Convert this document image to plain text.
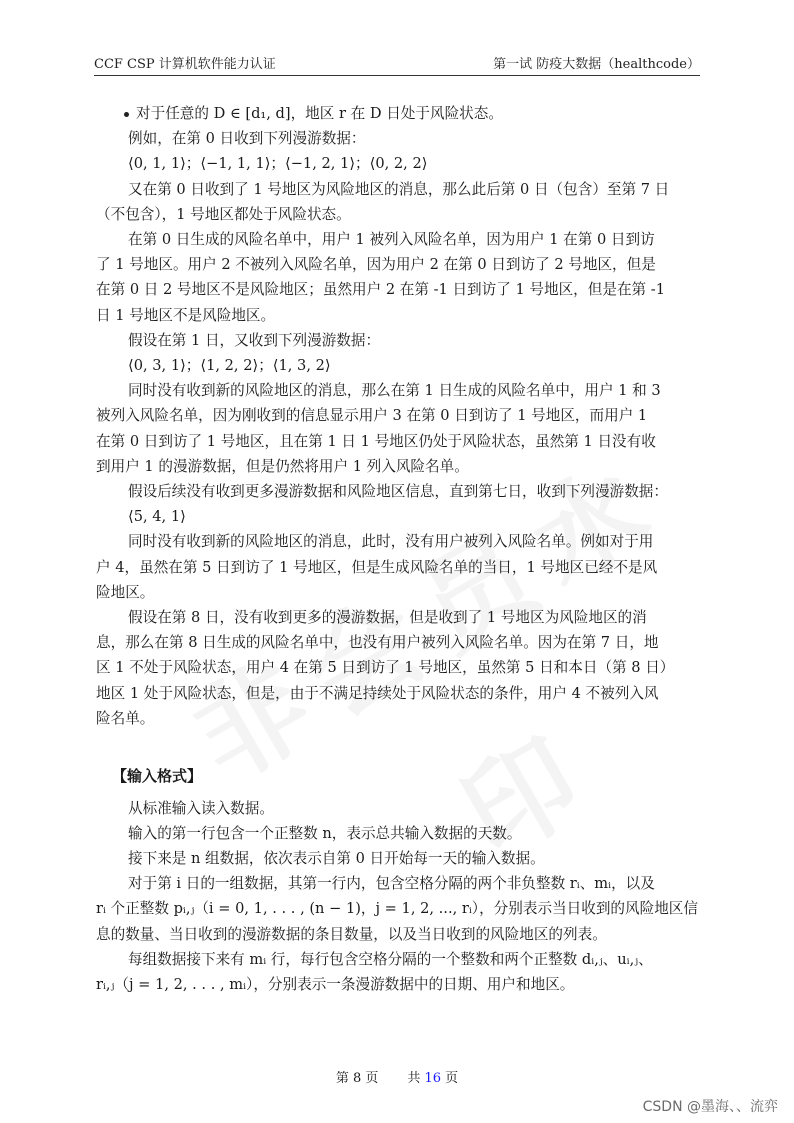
CCF CSP 计算机软件能力认证	第一试 防疫大数据（healthcode）
对于任意的 D ∈ [d₁, d]，地区 r 在 D 日处于风险状态。
例如，在第 0 日收到下列漫游数据：
⟨0, 1, 1⟩；⟨−1, 1, 1⟩；⟨−1, 2, 1⟩；⟨0, 2, 2⟩
又在第 0 日收到了 1 号地区为风险地区的消息，那么此后第 0 日（包含）至第 7 日
（不包含），1 号地区都处于风险状态。
在第 0 日生成的风险名单中，用户 1 被列入风险名单，因为用户 1 在第 0 日到访
了 1 号地区。用户 2 不被列入风险名单，因为用户 2 在第 0 日到访了 2 号地区，但是
在第 0 日 2 号地区不是风险地区；虽然用户 2 在第 -1 日到访了 1 号地区，但是在第 -1
日 1 号地区不是风险地区。
假设在第 1 日，又收到下列漫游数据：
⟨0, 3, 1⟩；⟨1, 2, 2⟩；⟨1, 3, 2⟩
同时没有收到新的风险地区的消息，那么在第 1 日生成的风险名单中，用户 1 和 3
被列入风险名单，因为刚收到的信息显示用户 3 在第 0 日到访了 1 号地区，而用户 1
在第 0 日到访了 1 号地区，且在第 1 日 1 号地区仍处于风险状态，虽然第 1 日没有收
到用户 1 的漫游数据，但是仍然将用户 1 列入风险名单。
假设后续没有收到更多漫游数据和风险地区信息，直到第七日，收到下列漫游数据：
⟨5, 4, 1⟩
同时没有收到新的风险地区的消息，此时，没有用户被列入风险名单。例如对于用
户 4，虽然在第 5 日到访了 1 号地区，但是生成风险名单的当日，1 号地区已经不是风
险地区。
假设在第 8 日，没有收到更多的漫游数据，但是收到了 1 号地区为风险地区的消
息，那么在第 8 日生成的风险名单中，也没有用户被列入风险名单。因为在第 7 日，地
区 1 不处于风险状态，用户 4 在第 5 日到访了 1 号地区，虽然第 5 日和本日（第 8 日）
地区 1 处于风险状态，但是，由于不满足持续处于风险状态的条件，用户 4 不被列入风
险名单。
【输入格式】
从标准输入读入数据。
输入的第一行包含一个正整数 n，表示总共输入数据的天数。
接下来是 n 组数据，依次表示自第 0 日开始每一天的输入数据。
对于第 i 日的一组数据，其第一行内，包含空格分隔的两个非负整数 rᵢ、mᵢ，以及
rᵢ 个正整数 pᵢ,ⱼ（i = 0, 1, . . . , (n − 1)，j = 1, 2, ..., rᵢ），分别表示当日收到的风险地区信
息的数量、当日收到的漫游数据的条目数量，以及当日收到的风险地区的列表。
每组数据接下来有 mᵢ 行，每行包含空格分隔的一个整数和两个正整数 dᵢ,ⱼ、uᵢ,ⱼ、
rᵢ,ⱼ（j = 1, 2, . . . , mᵢ），分别表示一条漫游数据中的日期、用户和地区。
第 8 页 共 16 页
CSDN @墨海、、流弈
